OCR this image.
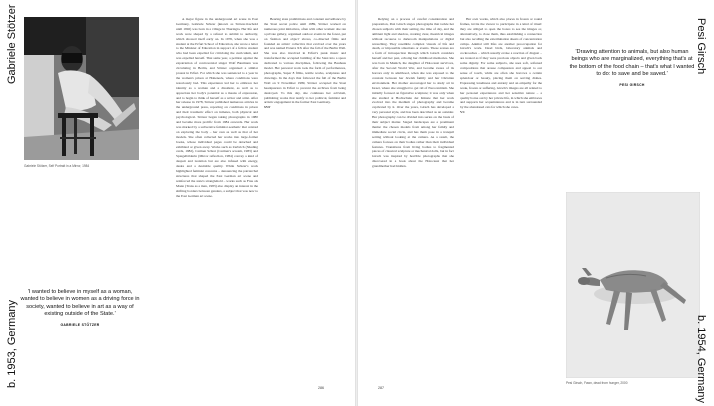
Gabriele Stötzer
Gabriele Stötzer, Self Portrait in a Mirror, 1984
'I wanted to believe in myself as a woman, wanted to believe in women as a driving force in society, wanted to believe in art as a way of existing outside of the State.'
GABRIELE STÖTZER
b. 1953, Germany

A major figure in the underground art scene in East Germany, Gabriele Stötzer (known as Stötzer-Kachold until 1992) was born in a village in Thuringia. Her life and work were shaped by a refusal to submit to authority, which showed itself early on. In 1976, when she was a student at the Erfurt School of Education, she wrote a letter to the Minister of Education in support of a fellow student who had been expelled for criticising the curriculum, and was expelled herself. That same year, a petition against the expatriation of controversial singer Wolf Biermann was circulating in Berlin, and Stötzer organised a similar protest in Erfurt. For which she was sentenced to a year in the women's prison at Hoheneck, where conditions were notoriously bad. This experience led her to embrace her identity as a woman and a dissident, as well as to appreciate her body's potential as a means of expression, and to begin to think of herself as a writer and artist. After her release in 1978, Stötzer published numerous articles in the underground press, reporting on conditions in prison and their traumatic effect on inmates, both physical and psychological. Stötzer began taking photographs in 1980 and became more prolific from 1984 onwards. Her work was marked by a subversive feminist aesthetic that centred on exploring the body – her own as well as that of her models. She often collected her works into large-format books, whose individual pages could be detached and exhibited or given away. Works such as Zerbrich (Shading cards, 1982), Carmen Schrei (Carmen's scream, 1983) and Spiegelbilderin (Mirror reflection, 1984) convey a kind of despair and isolation but are also infused with energy, desire and a desirable quality. While Stötzer's work highlighted feminist concerns – denouncing the patriarchal structures that shaped the East German art scene and reinforced the state's stranglehold – works such as Frau als Mann (Trans as a man, 1983) also display an interest in the shifting borders between genders, a subject that was new to the East German art scene.

Bearing state prohibitions and constant surveillance by the Stasi secret police until 1989, Stötzer worked on numerous joint initiatives, often with other women: she ran a private gallery, organised outdoor events in the forest, put on 'fashion and object' shows, co-directed films and founded an artists' collective that evolved over the years and was named Exterra XX after the fall of the Berlin Wall. She was also involved in Erfurt's punk music and transformed the occupied building of the Stasi into a space dedicated to various disciplines, following the Bauhaus model. Her personal work took the form of performances, photographs, Super 8 films, textile works, sculptures and drawings. In the days that followed the fall of the Berlin Wall on 9 November 1989, Stötzer occupied the Stasi headquarters in Erfurt to prevent the archives from being destroyed. To this day, she continues her activism, publishing works that testify to her political, feminist and artistic engagement in the former East Germany.

SVF

286

Relying on a process of careful consideration and preparation, Pesi Girsch stages photographs that tackle her chosen subjects with their setting, the time of day, and the ambient light and shadow, creating clear, theatrical images without recourse to darkroom manipulations or digital retouching. They resemble complex visuals of life and death, or impossible situations or events. These scenes are a form of introspection through which Girsch considers herself and her past, echoing her childhood memories. She was born in Munich, the daughter of Holocaust survivors, after the Second World War, and became aware of its horrors only in adulthood, when she was exposed to the constant between her Jewish family and her Christian environment. Her mother encouraged her to study art in Israel, where she struggled to get rid of Eurocentrism. She initially focused on figurative sculpture; it was only when she studied at Hochschule der Künste that her work evolved into the medium of photography and became captivated by it. Over the years, Girsch has developed a very personal style, and has been described as an outsider. Her photography can be divided into series on the basis of their subject matter. Staged landscapes are a prominent theme: the chosen models from among her family and immediate social circle, and has them pose in a tranquil setting without looking at the camera. As a result, the camera focuses on their bodies rather than their individual features. Transitions from living bodies to fragmented pieces of classical sculpture or mechanical dolls, but in fact Girsch was inspired by horrible photographs that she discovered in a book about the Holocaust that her grandmother had hidden.

Her own works, which also places in frozen or round frames, invite the viewer to participate in a kind of ritual: they are obliged to open the boxes to see the images or, alternatively, to close them, thus establishing a connection but also recalling the extermination sheets of concentration camps. Animal still lifes are another preoccupation for Girsch's work. Dead birds, laboratory animals and cockroaches – which usually evoke a reaction of disgust – are treated as if they were precious objects and given back some dignity. For some subjects, she uses soft, softened compositions that arouse compassion and appeal to our sense of touch, while are often she borrows a certain splendour or beauty, placing them on serving dishes. Expressing loneliness and anxiety and an empathy for the weak, frozen or suffering, Girsch's images are all related to her personal experiences and her sensitive nature – a quality borne out by her private life, in which she embraces and supports her acquaintances and is in turn surrounded by the abandoned cats for which she cares.

VC

287
Pesi Girsch
'Drawing attention to animals, but also human beings who are marginalized, everything that's at the bottom of the food chain – that's what I wanted to do: to save and be saved.'
PESI GIRSCH
Pesi Girsch, Fawn, dead from hunger, 2000	b. 1954, Germany
